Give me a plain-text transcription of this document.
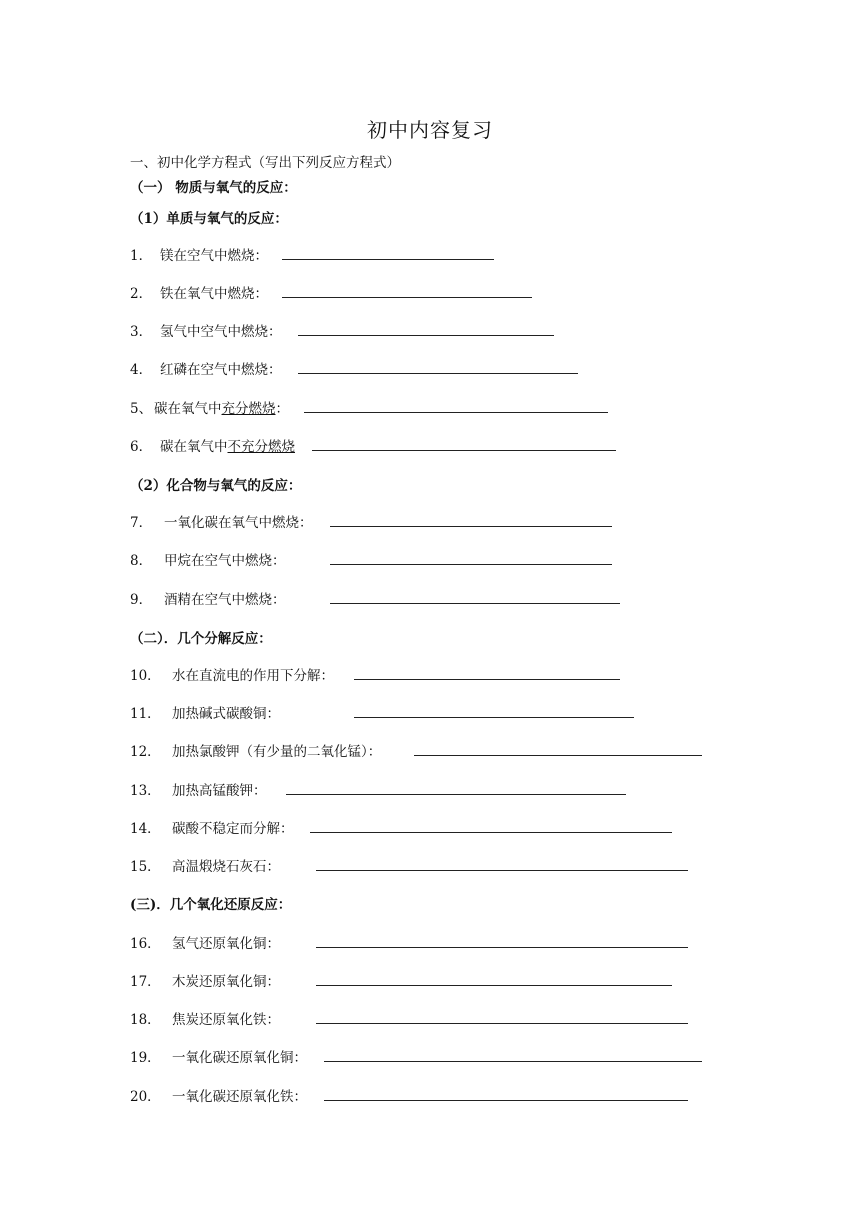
初中内容复习
一、初中化学方程式（写出下列反应方程式）
（一） 物质与氧气的反应：
（1）单质与氧气的反应：
1． 镁在空气中燃烧：
2． 铁在氧气中燃烧：
3． 氢气中空气中燃烧：
4． 红磷在空气中燃烧：
5、 碳在氧气中充分燃烧：
6． 碳在氧气中不充分燃烧
（2）化合物与氧气的反应：
7． 一氧化碳在氧气中燃烧：
8． 甲烷在空气中燃烧：
9． 酒精在空气中燃烧：
（二）．几个分解反应：
10． 水在直流电的作用下分解：
11． 加热碱式碳酸铜：
12． 加热氯酸钾（有少量的二氧化锰）：
13． 加热高锰酸钾：
14． 碳酸不稳定而分解：
15． 高温煅烧石灰石：
(三)．几个氧化还原反应：
16． 氢气还原氧化铜：
17． 木炭还原氧化铜：
18． 焦炭还原氧化铁：
19． 一氧化碳还原氧化铜：
20． 一氧化碳还原氧化铁：
